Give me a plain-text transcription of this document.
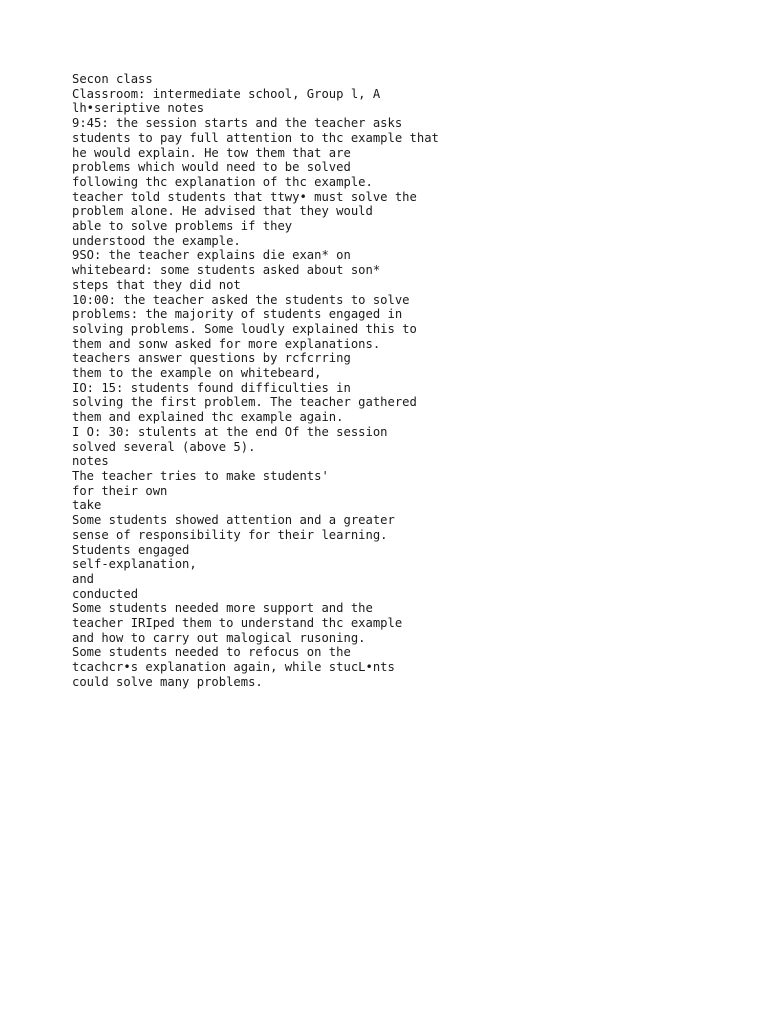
Secon class

Classroom: intermediate school, Group l, A

lh•seriptive notes

9:45: the session starts and the teacher asks

students to pay full attention to thc example that

he would explain. He tow them that are

problems which would need to be solved

following thc explanation of thc example.

teacher told students that ttwy• must solve the

problem alone. He advised that they would

able to solve problems if they

understood the example.

9SO: the teacher explains die exan* on

whitebeard: some students asked about son*

steps that they did not

10:00: the teacher asked the students to solve

problems: the majority of students engaged in

solving problems. Some loudly explained this to

them and sonw asked for more explanations.

teachers answer questions by rcfcrring

them to the example on whitebeard,

IO: 15: students found difficulties in

solving the first problem. The teacher gathered

them and explained thc example again.

I O: 30: stulents at the end Of the session

solved several (above 5).

notes

The teacher tries to make students'

for their own

take

Some students showed attention and a greater

sense of responsibility for their learning.

Students engaged

self-explanation,

and

conducted

Some students needed more support and the

teacher IRIped them to understand thc example

and how to carry out malogical rusoning.

Some students needed to refocus on the

tcachcr•s explanation again, while stucL•nts

could solve many problems.
